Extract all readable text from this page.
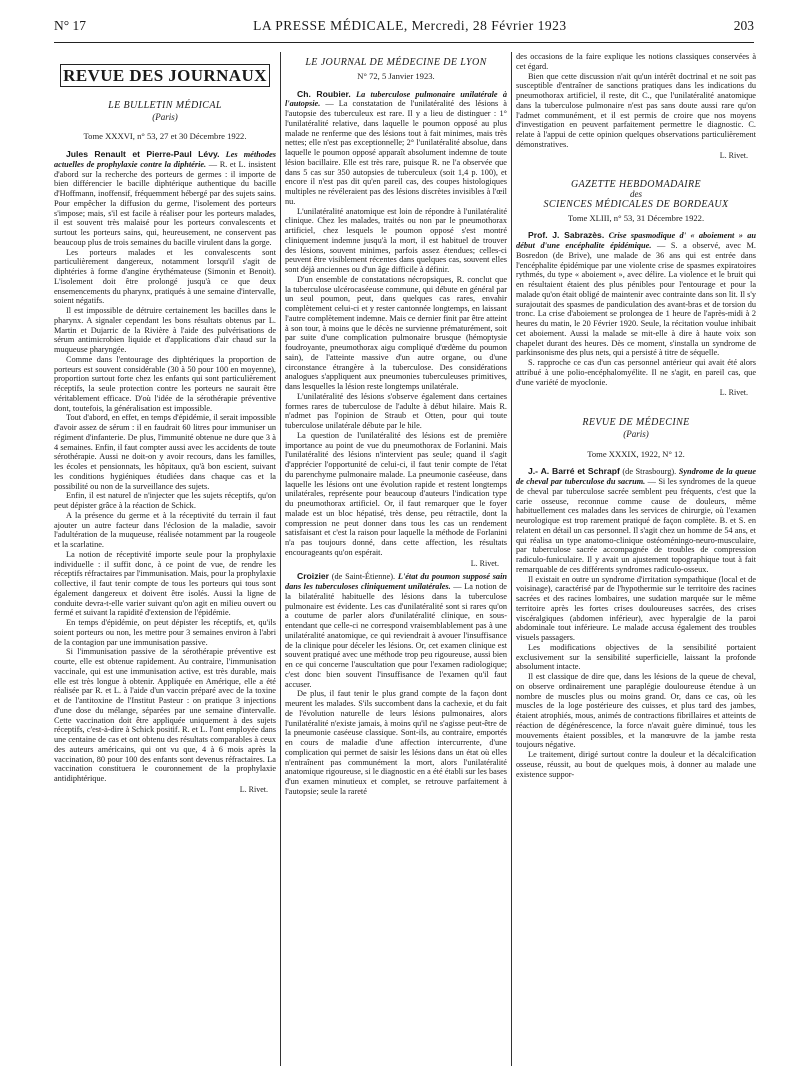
N° 17	LA PRESSE MÉDICALE, Mercredi, 28 Février 1923	203
REVUE DES JOURNAUX
LE BULLETIN MÉDICAL
(Paris)
Tome XXXVI, n° 53, 27 et 30 Décembre 1922.

Jules Renault et Pierre-Paul Lévy. Les méthodes actuelles de prophylaxie contre la diphtérie. — R. et L. insistent d'abord sur la recherche des porteurs de germes : il importe de bien différencier le bacille diphtérique authentique du bacille d'Hoffmann, inoffensif, fréquemment hébergé par des sujets sains. Pour empêcher la diffusion du germe, l'isolement des porteurs s'impose; mais, s'il est facile à réaliser pour les porteurs malades, il est souvent très malaisé pour les porteurs convalescents et surtout les porteurs sains, qui, heureusement, ne conservent pas beaucoup plus de trois semaines du bacille virulent dans la gorge.

Les porteurs malades et les convalescents sont particulièrement dangereux, notamment lorsqu'il s'agit de diphtéries à forme d'angine érythémateuse (Simonin et Benoit). L'isolement doit être prolongé jusqu'à ce que deux ensemencements du pharynx, pratiqués à une semaine d'intervalle, soient négatifs.

Il est impossible de détruire certainement les bacilles dans le pharynx. A signaler cependant les bons résultats obtenus par L. Martin et Dujarric de la Rivière à l'aide des pulvérisations de sérum antimicrobien liquide et d'applications d'air chaud sur la muqueuse pharyngée.

Comme dans l'entourage des diphtériques la proportion de porteurs est souvent considérable (30 à 50 pour 100 en moyenne), proportion surtout forte chez les enfants qui sont particulièrement réceptifs, la seule protection contre les porteurs ne saurait être véritablement efficace. D'où l'idée de la sérothérapie préventive dont, toutefois, la généralisation est impossible.

Tout d'abord, en effet, en temps d'épidémie, il serait impossible d'avoir assez de sérum : il en faudrait 60 litres pour immuniser un régiment d'infanterie. De plus, l'immunité obtenue ne dure que 3 à 4 semaines. Enfin, il faut compter aussi avec les accidents de toute sérothérapie. Aussi ne doit-on y avoir recours, dans les familles, les écoles et pensionnats, les hôpitaux, qu'à bon escient, suivant les conditions hygiéniques étudiées dans chaque cas et la possibilité ou non de la surveillance des sujets.

Enfin, il est naturel de n'injecter que les sujets réceptifs, qu'on peut dépister grâce à la réaction de Schick.

A la présence du germe et à la réceptivité du terrain il faut ajouter un autre facteur dans l'éclosion de la maladie, savoir l'adultération de la muqueuse, réalisée notamment par la rougeole et la scarlatine.

La notion de réceptivité importe seule pour la prophylaxie individuelle : il suffit donc, à ce point de vue, de rendre les réceptifs réfractaires par l'immunisation. Mais, pour la prophylaxie collective, il faut tenir compte de tous les porteurs qui tous sont également dangereux et doivent être isolés. Aussi la ligne de conduite devra-t-elle varier suivant qu'on agit en milieu ouvert ou fermé et suivant la rapidité d'extension de l'épidémie.

En temps d'épidémie, on peut dépister les réceptifs, et, qu'ils soient porteurs ou non, les mettre pour 3 semaines environ à l'abri de la contagion par une immunisation passive.

Si l'immunisation passive de la sérothérapie préventive est courte, elle est obtenue rapidement. Au contraire, l'immunisation vaccinale, qui est une immunisation active, est très durable, mais elle est très longue à obtenir. Appliquée en Amérique, elle a été réalisée par R. et L. à l'aide d'un vaccin préparé avec de la toxine et de l'antitoxine de l'Institut Pasteur : on pratique 3 injections d'une dose du mélange, séparées par une semaine d'intervalle. Cette vaccination doit être appliquée uniquement à des sujets réceptifs, c'est-à-dire à Schick positif. R. et L. l'ont employée dans une centaine de cas et ont obtenu des résultats comparables à ceux des auteurs américains, qui ont vu que, 4 à 6 mois après la vaccination, 80 pour 100 des enfants sont devenus réfractaires. La vaccination constituera le couronnement de la prophylaxie antidiphtérique.

L. Rivet.
LE JOURNAL DE MÉDECINE DE LYON
N° 72, 5 Janvier 1923.

Ch. Roubier. La tuberculose pulmonaire unilatérale à l'autopsie. — La constatation de l'unilatéralité des lésions à l'autopsie des tuberculeux est rare. Il y a lieu de distinguer : 1° l'unilatéralité relative, dans laquelle le poumon opposé au plus malade ne renferme que des lésions tout à fait minimes, mais très nettes; elle n'est pas exceptionnelle; 2° l'unilatéralité absolue, dans laquelle le poumon opposé apparaît absolument indemne de toute lésion bacillaire. Elle est très rare, puisque R. ne l'a observée que dans 5 cas sur 350 autopsies de tuberculeux (soit 1,4 p. 100), et encore il n'est pas dit qu'en pareil cas, des coupes histologiques multiples ne révéleraient pas des lésions discrètes invisibles à l'œil nu.

L'unilatéralité anatomique est loin de répondre à l'unilatéralité clinique. Chez les malades, traités ou non par le pneumothorax artificiel, chez lesquels le poumon opposé s'est montré cliniquement indemne jusqu'à la mort, il est habituel de trouver des lésions, souvent minimes, parfois assez étendues; celles-ci peuvent être visiblement récentes dans quelques cas, souvent elles sont déjà anciennes ou d'un âge difficile à définir.

D'un ensemble de constatations nécropsiques, R. conclut que la tuberculose ulcérocaséeuse commune, qui débute en général par un seul poumon, peut, dans quelques cas rares, envahir complètement celui-ci et y rester cantonnée longtemps, en laissant l'autre complètement indemne. Mais ce dernier finit par être atteint à son tour, à moins que le décès ne survienne prématurément, soit par suite d'une complication pulmonaire brusque (hémoptysie foudroyante, pneumothorax aigu compliqué d'œdème du poumon sain), de l'atteinte massive d'un autre organe, ou d'une circonstance étrangère à la tuberculose. Des considérations analogues s'appliquent aux pneumonies tuberculeuses primitives, dans lesquelles la lésion reste longtemps unilatérale.

L'unilatéralité des lésions s'observe également dans certaines formes rares de tuberculose de l'adulte à début hilaire. Mais R. n'admet pas l'opinion de Straub et Otten, pour qui toute tuberculose unilatérale débute par le hile.

La question de l'unilatéralité des lésions est de première importance au point de vue du pneumothorax de Forlanini. Mais l'unilatéralité des lésions n'intervient pas seule; quand il s'agit d'apprécier l'opportunité de celui-ci, il faut tenir compte de l'état du parenchyme pulmonaire malade. La pneumonie caséeuse, dans laquelle les lésions ont une évolution rapide et restent longtemps unilatérales, représente pour beaucoup d'auteurs l'indication type du pneumothorax artificiel. Or, il faut remarquer que le foyer malade est un bloc hépatisé, très dense, peu rétractile, dont la compression ne peut donner dans tous les cas un rendement satisfaisant et c'est la raison pour laquelle la méthode de Forlanini n'a pas toujours donné, dans cette affection, les résultats encourageants qu'on espérait.

L. Rivet.

Croizier (de Saint-Étienne). L'état du poumon supposé sain dans les tuberculoses cliniquement unilatérales. — La notion de la bilatéralité habituelle des lésions dans la tuberculose pulmonaire est évidente. Les cas d'unilatéralité sont si rares qu'on a coutume de parler alors d'unilatéralité clinique, en sous-entendant que celle-ci ne correspond vraisemblablement pas à une unilatéralité anatomique, ce qui reviendrait à avouer l'insuffisance de la clinique pour déceler les lésions. Or, cet examen clinique est souvent pratiqué avec une méthode trop peu rigoureuse, aussi bien en ce qui concerne l'auscultation que pour l'examen radiologique; c'est donc bien souvent l'insuffisance de l'examen qu'il faut accuser.

De plus, il faut tenir le plus grand compte de la façon dont meurent les malades. S'ils succombent dans la cachexie, et du fait de l'évolution naturelle de leurs lésions pulmonaires, alors l'unilatéralité n'existe jamais, à moins qu'il ne s'agisse peut-être de la pneumonie caséeuse classique. Sont-ils, au contraire, emportés en cours de maladie d'une affection intercurrente, d'une complication qui permet de saisir les lésions dans un état où elles n'entraînent pas communément la mort, alors l'unilatéralité anatomique rigoureuse, si le diagnostic en a été établi sur les bases d'un examen minutieux et complet, se retrouve parfaitement à l'autopsie; seule la rareté

des occasions de la faire explique les notions classiques conservées à cet égard.

Bien que cette discussion n'ait qu'un intérêt doctrinal et ne soit pas susceptible d'entraîner de sanctions pratiques dans les indications du pneumothorax artificiel, il reste, dit C., que l'unilatéralité anatomique dans la tuberculose pulmonaire n'est pas sans doute aussi rare qu'on l'admet communément, et il est permis de croire que nos moyens d'investigation en peuvent parfaitement permettre le diagnostic. C. relate à l'appui de cette opinion quelques observations particulièrement démonstratives.

L. Rivet.
GAZETTE HEBDOMADAIRE
des
SCIENCES MÉDICALES DE BORDEAUX
Tome XLIII, n° 53, 31 Décembre 1922.

Prof. J. Sabrazès. Crise spasmodique d' « aboiement » au début d'une encéphalite épidémique. — S. a observé, avec M. Bosredon (de Brive), une malade de 36 ans qui est entrée dans l'encéphalite épidémique par une violente crise de spasmes expiratoires rythmés, du type « aboiement », avec délire. La violence et le bruit qui en résultaient étaient des plus pénibles pour l'entourage et pour la malade qu'on était obligé de maintenir avec contrainte dans son lit. Il s'y surajoutait des spasmes de pandiculation des avant-bras et de torsion du tronc. La crise d'aboiement se prolongea de 1 heure de l'après-midi à 2 heures du matin, le 20 Février 1920. Seule, la récitation voulue inhibait cet aboiement. Aussi la malade se mit-elle à dire à haute voix son chapelet durant des heures. Dès ce moment, s'installa un syndrome de parkinsonisme des plus nets, qui a persisté à titre de séquelle.

S. rapproche ce cas d'un cas personnel antérieur qui avait été alors attribué à une polio-encéphalomyélite. Il ne s'agit, en pareil cas, que d'une variété de myoclonie.

L. Rivet.
REVUE DE MÉDECINE
(Paris)
Tome XXXIX, 1922, N° 12.

J.- A. Barré et Schrapf (de Strasbourg). Syndrome de la queue de cheval par tuberculose du sacrum. — Si les syndromes de la queue de cheval par tuberculose sacrée semblent peu fréquents, c'est que la carie osseuse, reconnue comme cause de douleurs, même habituellement ces malades dans les services de chirurgie, où l'examen neurologique est trop rarement pratiqué de façon complète. B. et S. en relatent en détail un cas personnel. Il s'agit chez un homme de 54 ans, et qui réalisa un type anatomo-clinique ostéoméningo-neuro-musculaire, par tuberculose sacrée accompagnée de troubles de compression radiculo-funiculaire. Il y avait un ajustement topographique tout à fait remarquable de ces différents syndromes radiculo-osseux.

Il existait en outre un syndrome d'irritation sympathique (local et de voisinage), caractérisé par de l'hypothermie sur le territoire des racines sacrées et des racines lombaires, une sudation marquée sur le même territoire après les fortes crises douloureuses sacrées, des crises viscéralgiques (abdomen inférieur), avec hyperalgie de la paroi abdominale tout inférieure. Le malade accusa également des troubles visuels passagers.

Les modifications objectives de la sensibilité portaient exclusivement sur la sensibilité superficielle, laissant la profonde absolument intacte.

Il est classique de dire que, dans les lésions de la queue de cheval, on observe ordinairement une paraplégie douloureuse étendue à un nombre de muscles plus ou moins grand. Or, dans ce cas, où les muscles de la loge postérieure des cuisses, et plus tard des jambes, étaient atrophiés, mous, animés de contractions fibrillaires et atteints de réaction de dégénérescence, la force n'avait guère diminué, tous les mouvements étaient possibles, et la manœuvre de la jambe resta toujours négative.

Le traitement, dirigé surtout contre la douleur et la décalcification osseuse, réussit, au bout de quelques mois, à donner au malade une existence suppor-
